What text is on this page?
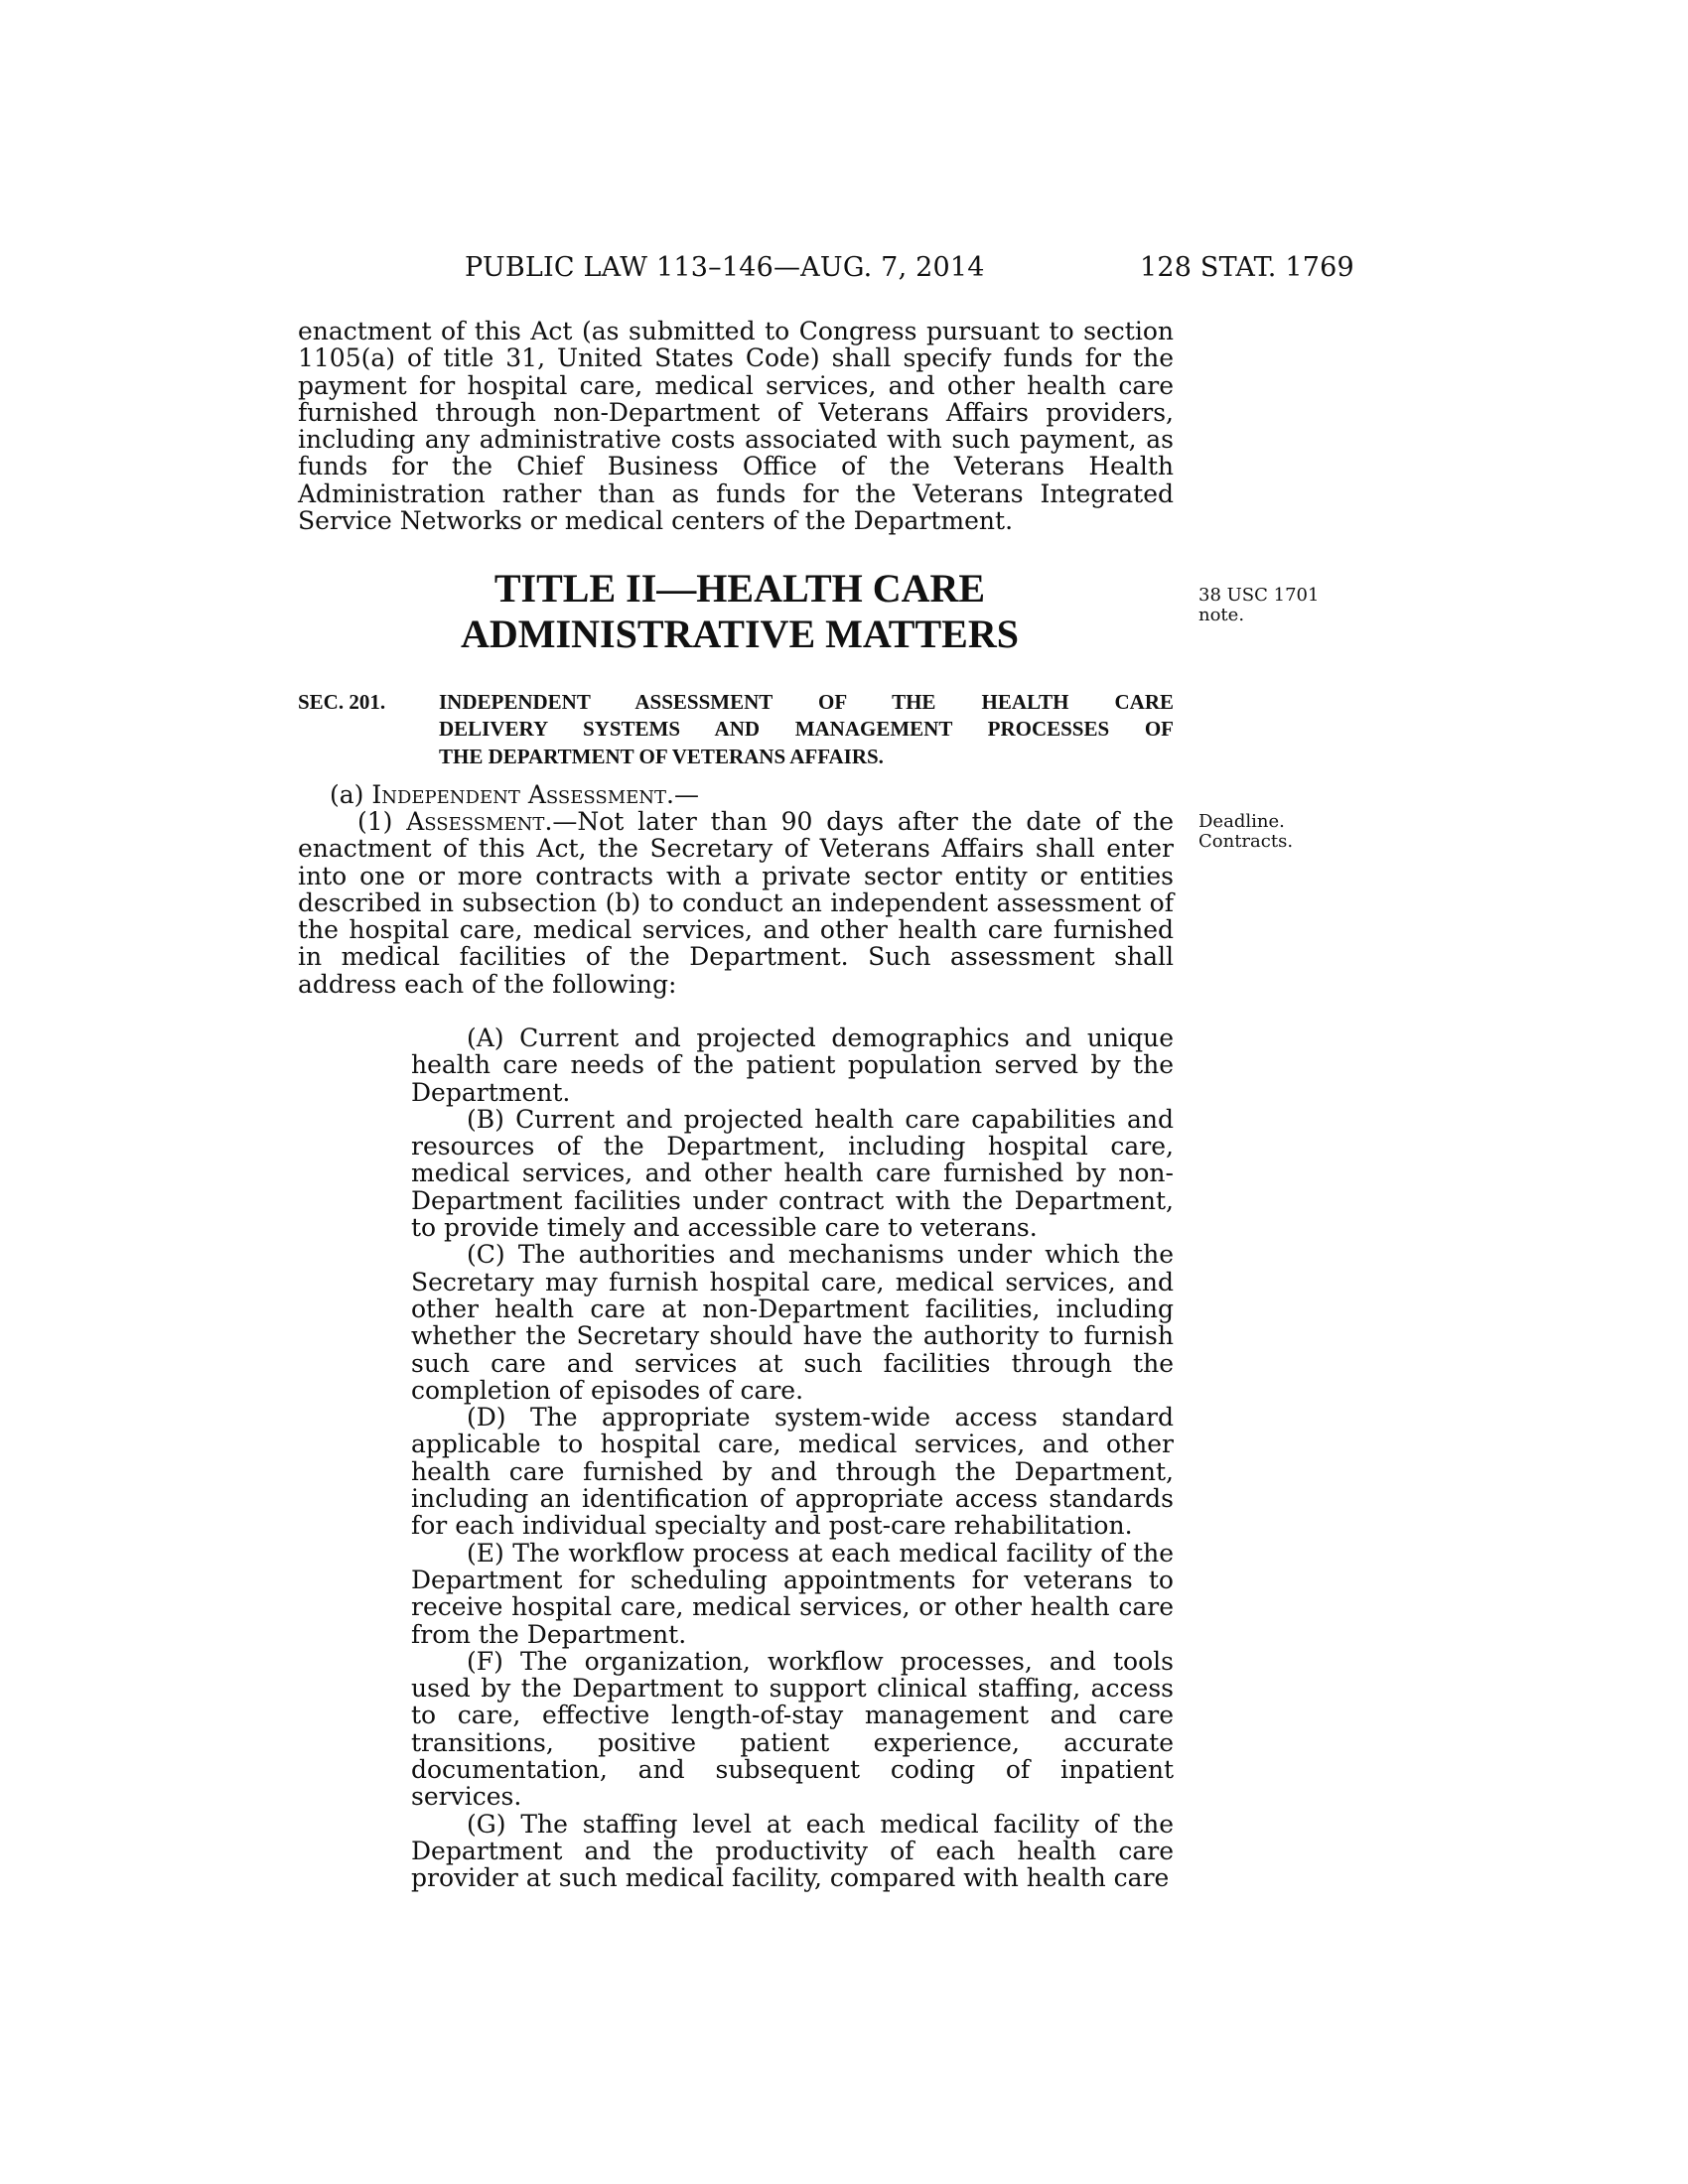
PUBLIC LAW 113–146—AUG. 7, 2014	128 STAT. 1769
enactment of this Act (as submitted to Congress pursuant to section 1105(a) of title 31, United States Code) shall specify funds for the payment for hospital care, medical services, and other health care furnished through non-Department of Veterans Affairs providers, including any administrative costs associated with such payment, as funds for the Chief Business Office of the Veterans Health Administration rather than as funds for the Veterans Integrated Service Networks or medical centers of the Department.
TITLE II—HEALTH CARE
ADMINISTRATIVE MATTERS
38 USC 1701
note.
SEC. 201.	INDEPENDENT ASSESSMENT OF THE HEALTH CARE
DELIVERY SYSTEMS AND MANAGEMENT PROCESSES OF
THE DEPARTMENT OF VETERANS AFFAIRS.
(a) Independent Assessment.—
Deadline.
Contracts.
(1) Assessment.—Not later than 90 days after the date of the enactment of this Act, the Secretary of Veterans Affairs shall enter into one or more contracts with a private sector entity or entities described in subsection (b) to conduct an independent assessment of the hospital care, medical services, and other health care furnished in medical facilities of the Department. Such assessment shall address each of the following:

(A) Current and projected demographics and unique health care needs of the patient population served by the Department.

(B) Current and projected health care capabilities and resources of the Department, including hospital care, medical services, and other health care furnished by non-Department facilities under contract with the Department, to provide timely and accessible care to veterans.

(C) The authorities and mechanisms under which the Secretary may furnish hospital care, medical services, and other health care at non-Department facilities, including whether the Secretary should have the authority to furnish such care and services at such facilities through the completion of episodes of care.

(D) The appropriate system-wide access standard applicable to hospital care, medical services, and other health care furnished by and through the Department, including an identification of appropriate access standards for each individual specialty and post-care rehabilitation.

(E) The workflow process at each medical facility of the Department for scheduling appointments for veterans to receive hospital care, medical services, or other health care from the Department.

(F) The organization, workflow processes, and tools used by the Department to support clinical staffing, access to care, effective length-of-stay management and care transitions, positive patient experience, accurate documentation, and subsequent coding of inpatient services.

(G) The staffing level at each medical facility of the Department and the productivity of each health care provider at such medical facility, compared with health care
